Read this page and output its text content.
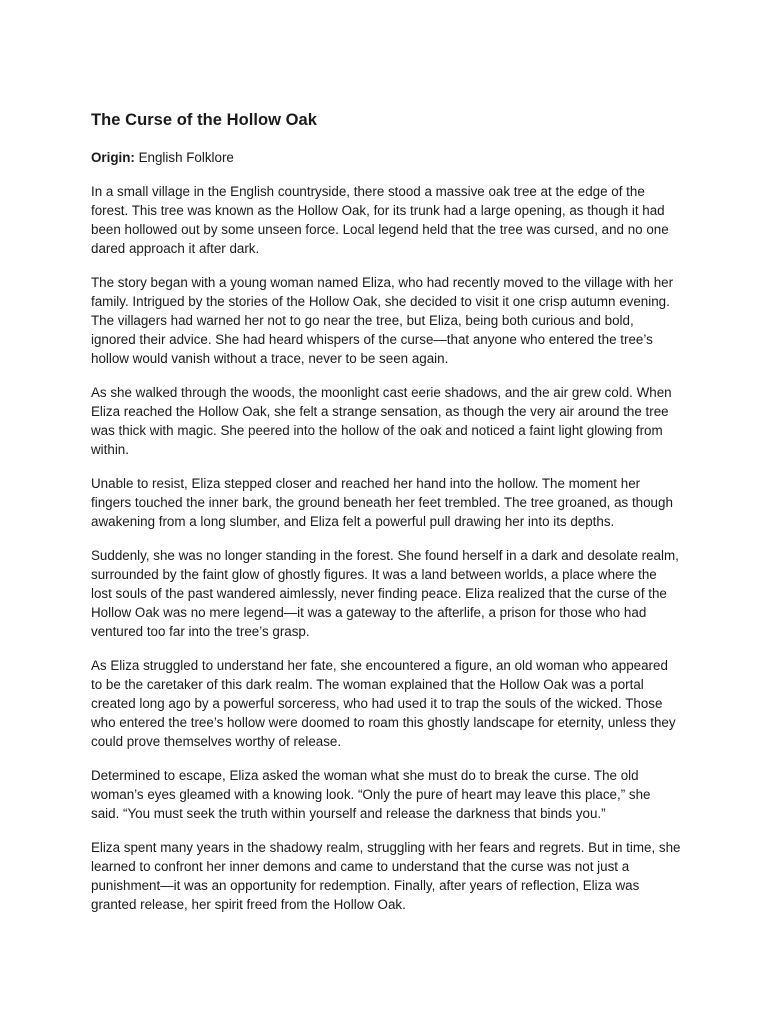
The Curse of the Hollow Oak

Origin: English Folklore

In a small village in the English countryside, there stood a massive oak tree at the edge of the forest. This tree was known as the Hollow Oak, for its trunk had a large opening, as though it had been hollowed out by some unseen force. Local legend held that the tree was cursed, and no one dared approach it after dark.

The story began with a young woman named Eliza, who had recently moved to the village with her family. Intrigued by the stories of the Hollow Oak, she decided to visit it one crisp autumn evening. The villagers had warned her not to go near the tree, but Eliza, being both curious and bold, ignored their advice. She had heard whispers of the curse—that anyone who entered the tree’s hollow would vanish without a trace, never to be seen again.

As she walked through the woods, the moonlight cast eerie shadows, and the air grew cold. When Eliza reached the Hollow Oak, she felt a strange sensation, as though the very air around the tree was thick with magic. She peered into the hollow of the oak and noticed a faint light glowing from within.

Unable to resist, Eliza stepped closer and reached her hand into the hollow. The moment her fingers touched the inner bark, the ground beneath her feet trembled. The tree groaned, as though awakening from a long slumber, and Eliza felt a powerful pull drawing her into its depths.

Suddenly, she was no longer standing in the forest. She found herself in a dark and desolate realm, surrounded by the faint glow of ghostly figures. It was a land between worlds, a place where the lost souls of the past wandered aimlessly, never finding peace. Eliza realized that the curse of the Hollow Oak was no mere legend—it was a gateway to the afterlife, a prison for those who had ventured too far into the tree’s grasp.

As Eliza struggled to understand her fate, she encountered a figure, an old woman who appeared to be the caretaker of this dark realm. The woman explained that the Hollow Oak was a portal created long ago by a powerful sorceress, who had used it to trap the souls of the wicked. Those who entered the tree’s hollow were doomed to roam this ghostly landscape for eternity, unless they could prove themselves worthy of release.

Determined to escape, Eliza asked the woman what she must do to break the curse. The old woman’s eyes gleamed with a knowing look. “Only the pure of heart may leave this place,” she said. “You must seek the truth within yourself and release the darkness that binds you.”

Eliza spent many years in the shadowy realm, struggling with her fears and regrets. But in time, she learned to confront her inner demons and came to understand that the curse was not just a punishment—it was an opportunity for redemption. Finally, after years of reflection, Eliza was granted release, her spirit freed from the Hollow Oak.
